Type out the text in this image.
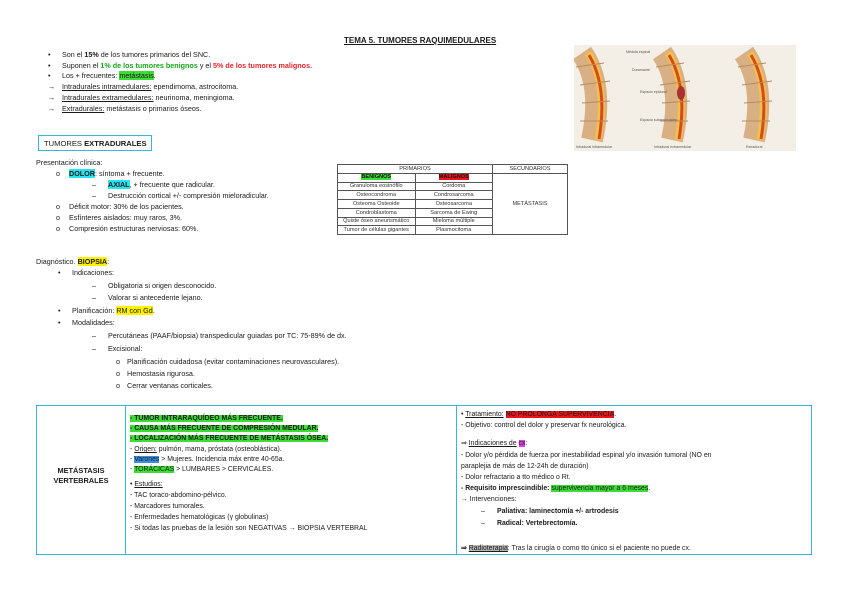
TEMA 5. TUMORES RAQUIMEDULARES
• Son el 15% de los tumores primarios del SNC.
• Suponen el 1% de los tumores benignos y el 5% de los tumores malignos.
• Los + frecuentes: metástasis.
→ Intradurales intramedulares: ependimoma, astrocitoma.
→ Intradurales extramedulares: neurinoma, meningioma.
→ Extradurales: metástasis o primarios óseos.
Médula espinal
Duramadre
Espacio epidural
Espacio subaracnoideo
Intradural intramedular	Intradural extramedular	Extradural
TUMORES EXTRADURALES
Presentación clínica:
o DOLOR: síntoma + frecuente.
– AXIAL, + frecuente que radicular.
– Destrucción cortical +/- compresión mieloradicular.
o Déficit motor: 30% de los pacientes.
o Esfínteres aislados: muy raros, 3%.
o Compresión estructuras nerviosas: 60%.
PRIMARIOS		SECUNDARIOS
BENIGNOS	MALIGNOS	METÁSTASIS
Granuloma eosinófilo	Cordoma	
Osteocondroma	Condrosarcoma	
Osteoma Osteoide	Osteosarcoma	
Condroblastoma	Sarcoma de Ewing	
Quiste óseo aneurismático	Mieloma múltiple	
Tumor de células gigantes	Plasmocitoma	
Diagnóstico. BIOPSIA:
• Indicaciones:
– Obligatoria si origen desconocido.
– Valorar si antecedente lejano.
• Planificación: RM con Gd.
• Modalidades:
– Percutáneas (PAAF/biopsia) transpedicular guiadas por TC: 75-89% de dx.
– Excisional:
o Planificación cuidadosa (evitar contaminaciones neurovasculares).
o Hemostasia rigurosa.
o Cerrar ventanas corticales.
METÁSTASIS
VERTEBRALES
- TUMOR INTRARAQUÍDEO MÁS FRECUENTE.
- CAUSA MÁS FRECUENTE DE COMPRESIÓN MEDULAR.
- LOCALIZACIÓN MÁS FRECUENTE DE METÁSTASIS ÓSEA.
- Origen: pulmón, mama, próstata (osteoblástica).
- Varones > Mujeres. Incidencia máx entre 40-65a.
- TORÁCICAS > LUMBARES > CERVICALES.
• Estudios:
- TAC toraco-abdomino-pélvico.
- Marcadores tumorales.
- Enfermedades hematológicas (γ globulinas)
- Si todas las pruebas de la lesión son NEGATIVAS → BIOPSIA VERTEBRAL
• Tratamiento: NO PROLONGA SUPERVIVENCIA.
- Objetivo: control del dolor y preservar fx neurológica.
⇒ Indicaciones de cx:
- Dolor y/o pérdida de fuerza por inestabilidad espinal y/o invasión tumoral (NO en
paraplejia de más de 12-24h de duración)
- Dolor refractario a tto médico o Rt.
- Requisito imprescindible: supervivencia mayor a 6 meses.
→ Intervenciones:
– Paliativa: laminectomía +/- artrodesis
– Radical: Vertebrectomía.
⇒ Radioterapia: Tras la cirugía o como tto único si el paciente no puede cx.
